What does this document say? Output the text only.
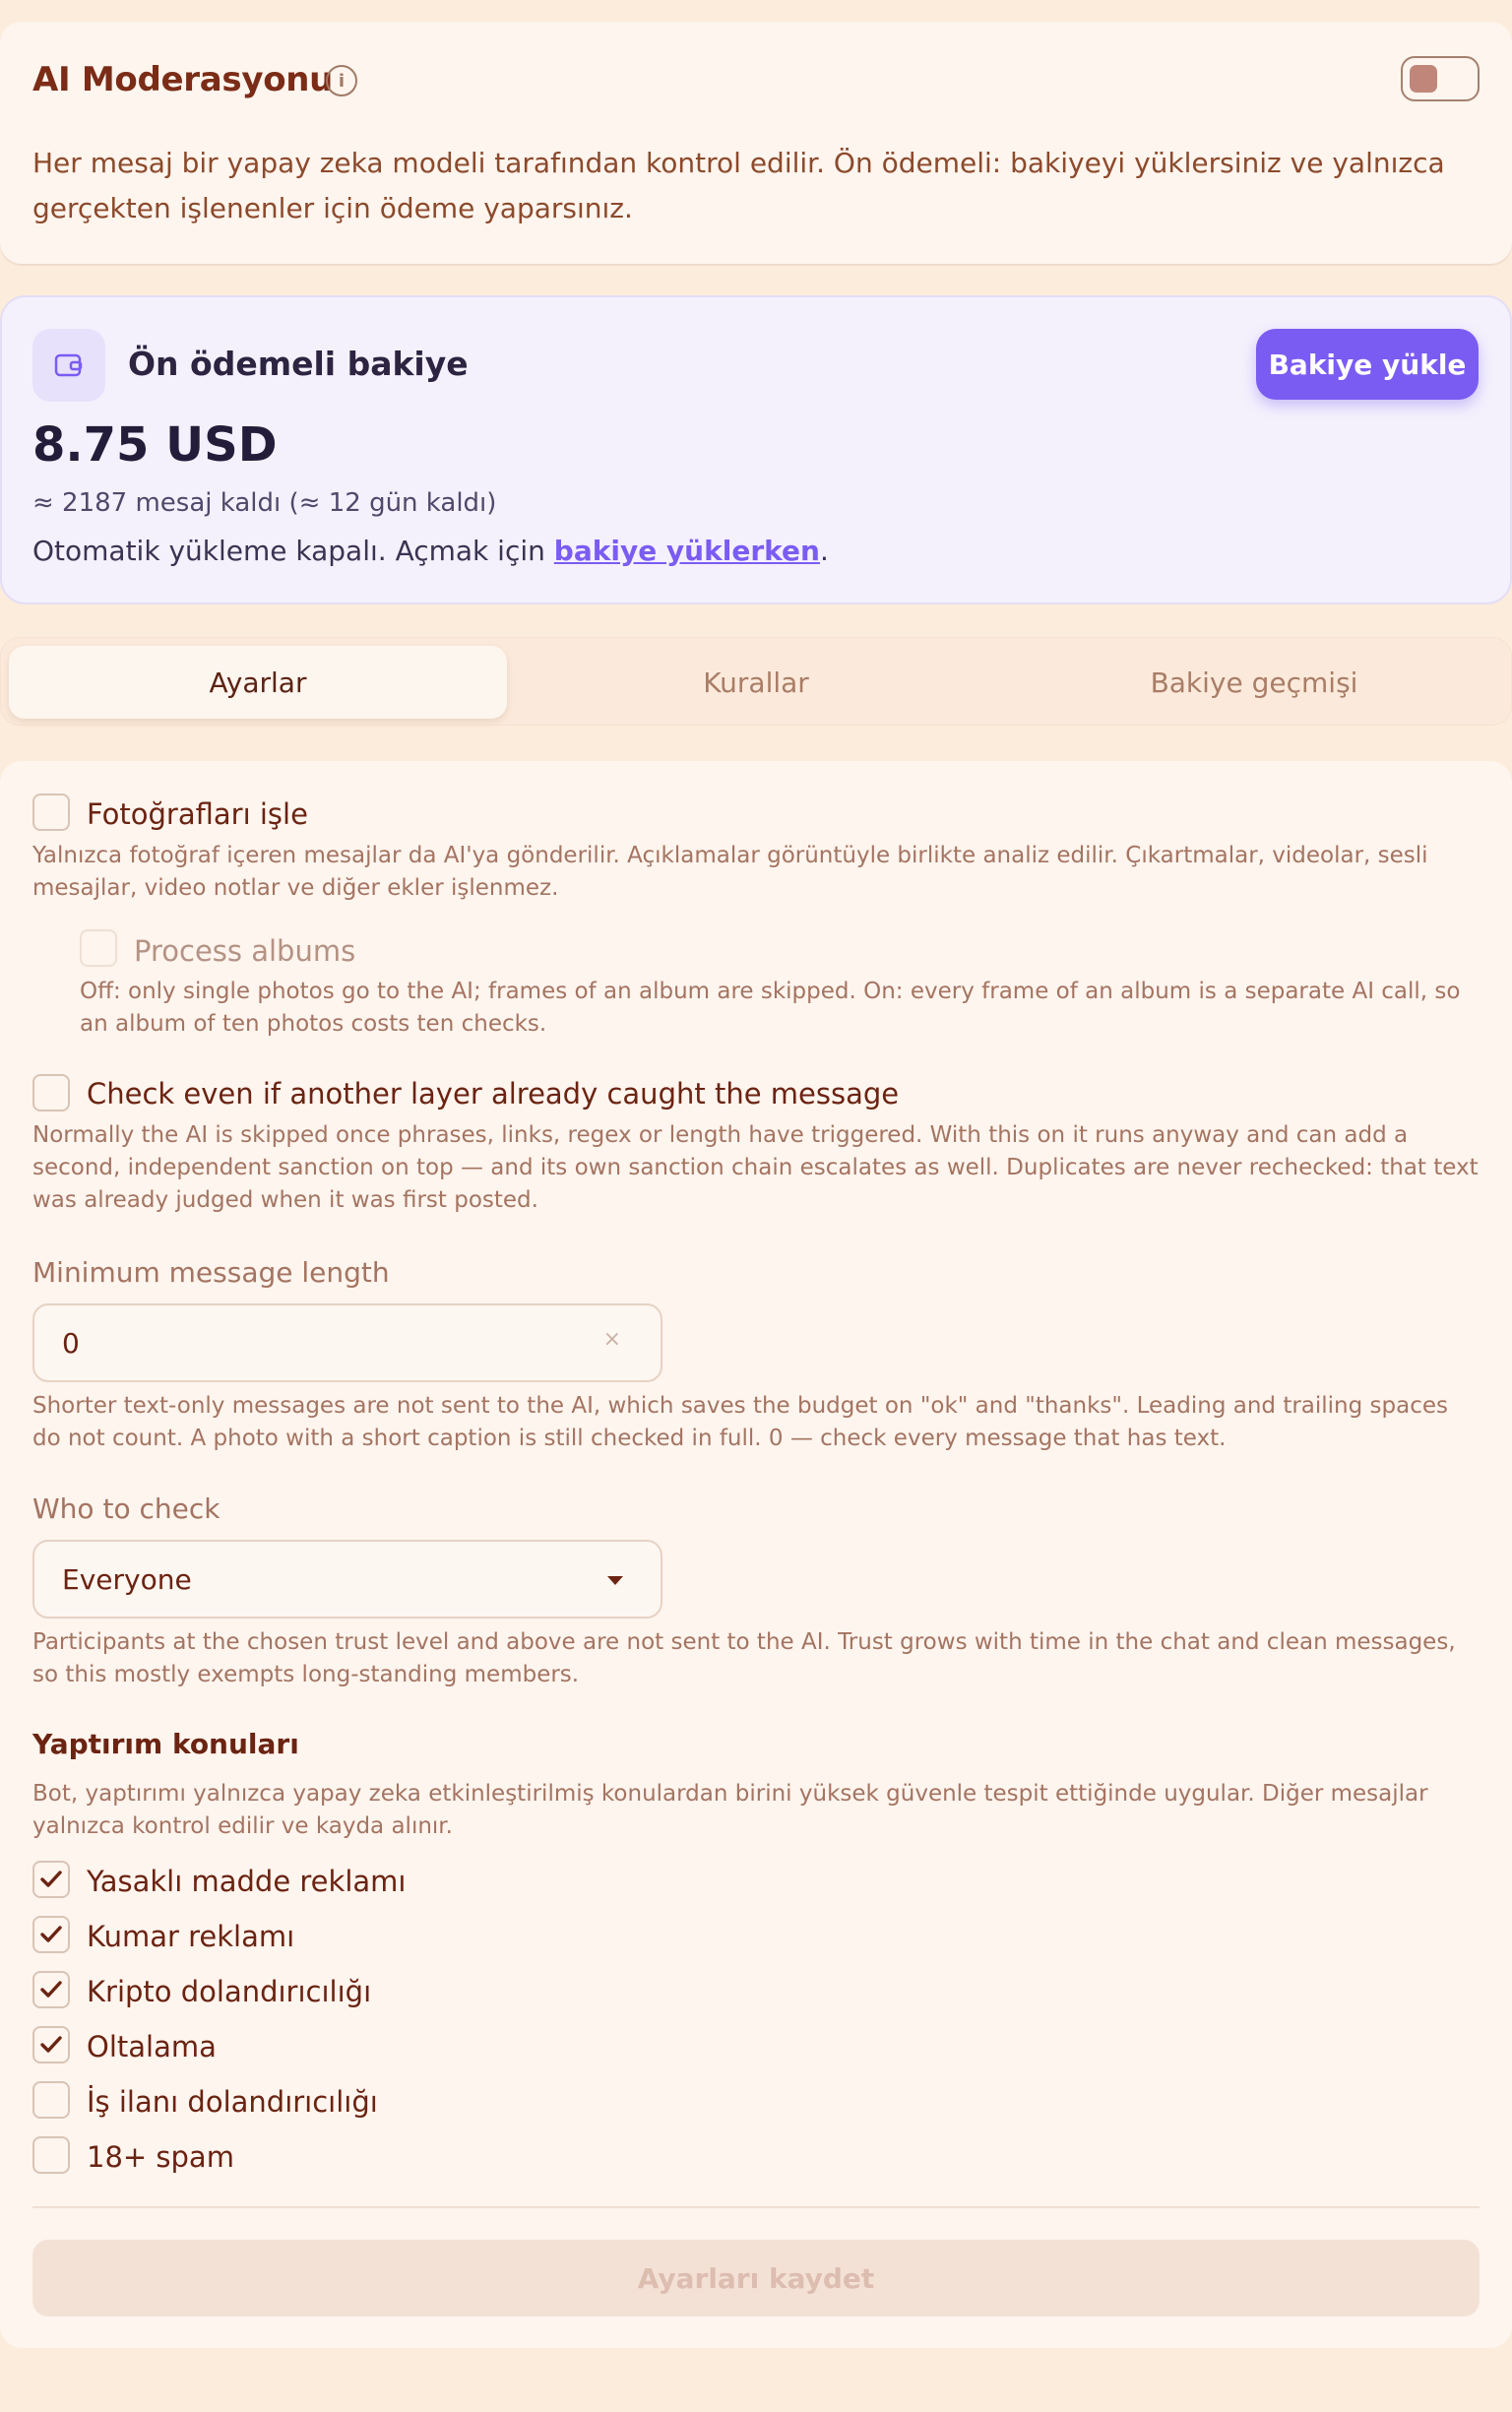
AI Moderasyonu i
Her mesaj bir yapay zeka modeli tarafından kontrol edilir. Ön ödemeli: bakiyeyi yüklersiniz ve yalnızca gerçekten işlenenler için ödeme yaparsınız.
Ön ödemeli bakiye	Bakiye yükle
8.75 USD
≈ 2187 mesaj kaldı (≈ 12 gün kaldı)
Otomatik yükleme kapalı. Açmak için bakiye yüklerken.
Ayarlar	Kurallar	Bakiye geçmişi
Fotoğrafları işle
Yalnızca fotoğraf içeren mesajlar da AI'ya gönderilir. Açıklamalar görüntüyle birlikte analiz edilir. Çıkartmalar, videolar, sesli mesajlar, video notlar ve diğer ekler işlenmez.
Process albums
Off: only single photos go to the AI; frames of an album are skipped. On: every frame of an album is a separate AI call, so an album of ten photos costs ten checks.
Check even if another layer already caught the message
Normally the AI is skipped once phrases, links, regex or length have triggered. With this on it runs anyway and can add a second, independent sanction on top — and its own sanction chain escalates as well. Duplicates are never rechecked: that text was already judged when it was first posted.
Minimum message length
0	×
Shorter text-only messages are not sent to the AI, which saves the budget on "ok" and "thanks". Leading and trailing spaces do not count. A photo with a short caption is still checked in full. 0 — check every message that has text.
Who to check
Everyone
Participants at the chosen trust level and above are not sent to the AI. Trust grows with time in the chat and clean messages, so this mostly exempts long-standing members.
Yaptırım konuları
Bot, yaptırımı yalnızca yapay zeka etkinleştirilmiş konulardan birini yüksek güvenle tespit ettiğinde uygular. Diğer mesajlar yalnızca kontrol edilir ve kayda alınır.
Yasaklı madde reklamı
Kumar reklamı
Kripto dolandırıcılığı
Oltalama
İş ilanı dolandırıcılığı
18+ spam
Ayarları kaydet
